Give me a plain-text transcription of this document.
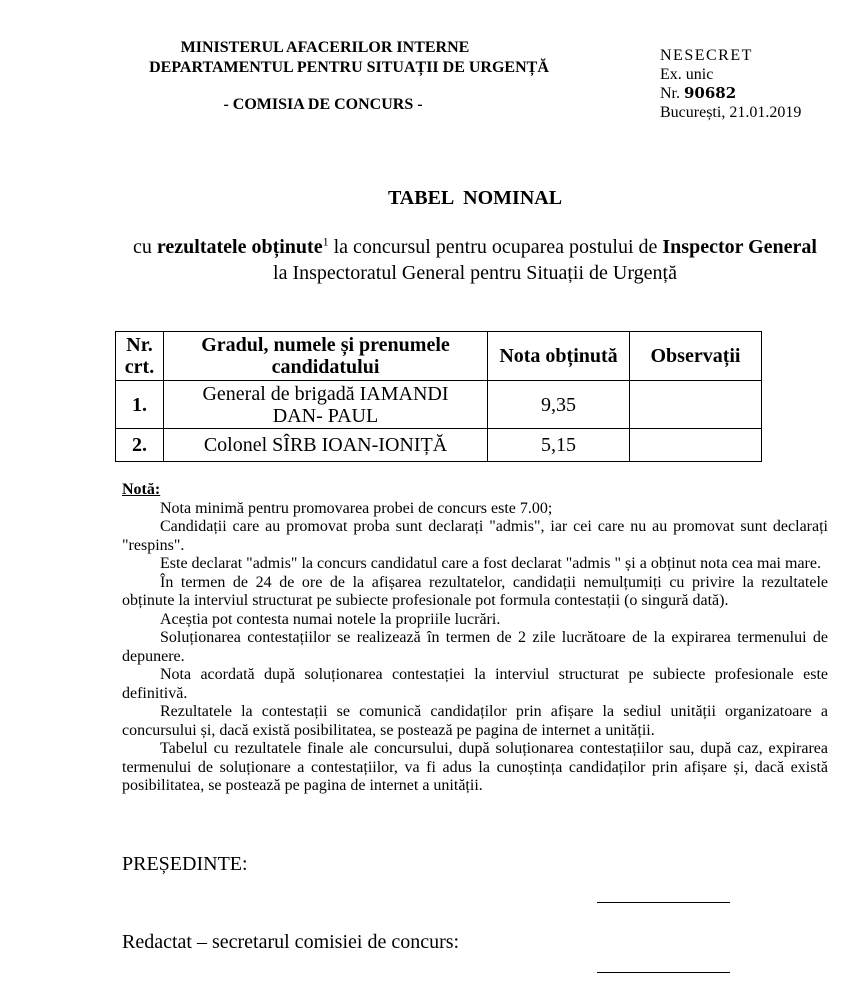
MINISTERUL AFACERILOR INTERNE
DEPARTAMENTUL PENTRU SITUAȚII DE URGENȚĂ
- COMISIA DE CONCURS -
NESECRET
Ex. unic
Nr. 90682
București, 21.01.2019
TABEL  NOMINAL
cu rezultatele obținute$^1$ la concursul pentru ocuparea postului de Inspector General
la Inspectoratul General pentru Situații de Urgență
Nr. crt.	Gradul, numele și prenumele candidatului	Nota obținută	Observații
1.	General de brigadă IAMANDI DAN- PAUL	9,35	
2.	Colonel SÎRB IOAN-IONIȚĂ	5,15	
Notă:

Nota minimă pentru promovarea probei de concurs este 7.00;

Candidații care au promovat proba sunt declarați "admis", iar cei care nu au promovat sunt declarați "respins".

Este declarat "admis" la concurs candidatul care a fost declarat "admis " și a obținut nota cea mai mare.

În termen de 24 de ore de la afișarea rezultatelor, candidații nemulțumiți cu privire la rezultatele obținute la interviul structurat pe subiecte profesionale pot formula contestații (o singură dată).

Aceștia pot contesta numai notele la propriile lucrări.

Soluționarea contestațiilor se realizează în termen de 2 zile lucrătoare de la expirarea termenului de depunere.

Nota acordată după soluționarea contestației la interviul structurat pe subiecte profesionale este definitivă.

Rezultatele la contestații se comunică candidaților prin afișare la sediul unității organizatoare a concursului și, dacă există posibilitatea, se postează pe pagina de internet a unității.

Tabelul cu rezultatele finale ale concursului, după soluționarea contestațiilor sau, după caz, expirarea termenului de soluționare a contestațiilor, va fi adus la cunoștința candidaților prin afișare și, dacă există posibilitatea, se postează pe pagina de internet a unității.

PREȘEDINTE:
Redactat – secretarul comisiei de concurs:
